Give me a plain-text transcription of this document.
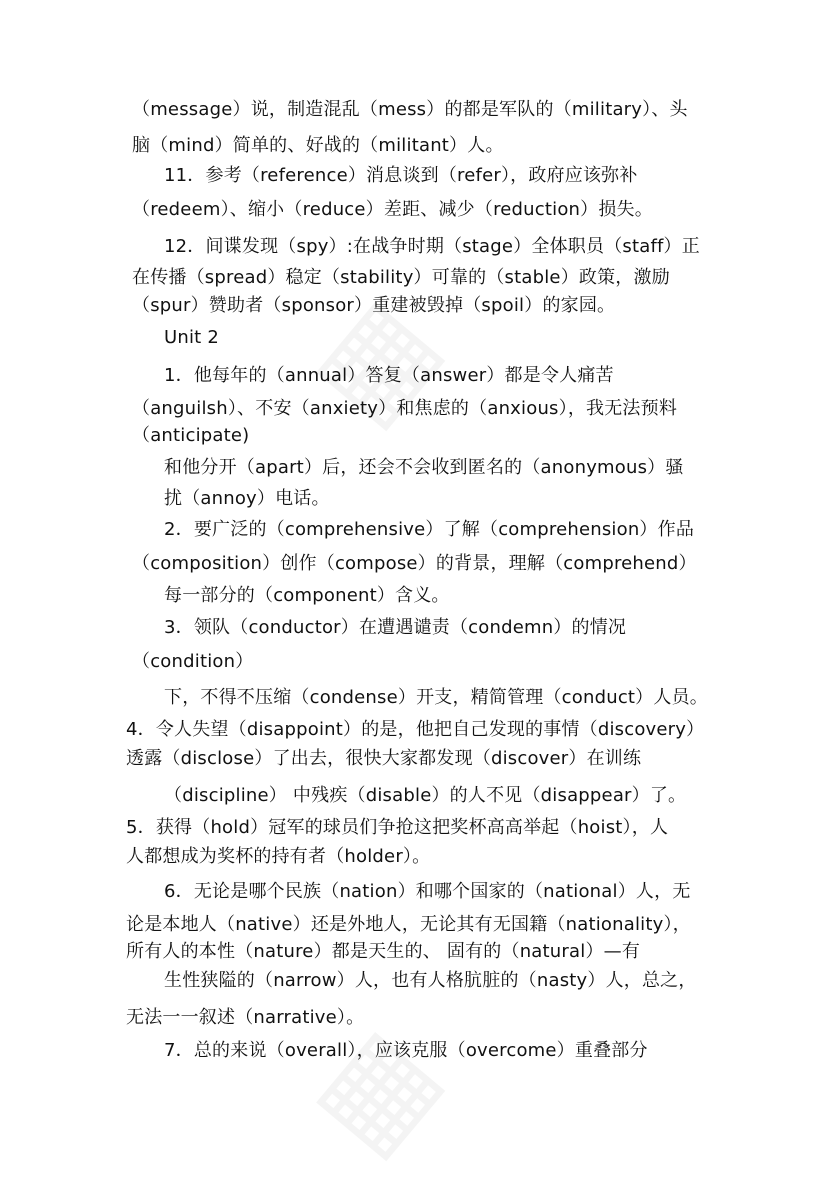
（message）说，制造混乱（mess）的都是军队的（military）、头
脑（mind）简单的、好战的（militant）人。
11．参考（reference）消息谈到（refer），政府应该弥补
（redeem）、缩小（reduce）差距、减少（reduction）损失。
12．间谍发现（spy）:在战争时期（stage）全体职员（staff）正
在传播（spread）稳定（stability）可靠的（stable）政策，激励
（spur）赞助者（sponsor）重建被毁掉（spoil）的家园。
Unit 2
1．他每年的（annual）答复（answer）都是令人痛苦
（anguilsh）、不安（anxiety）和焦虑的（anxious），我无法预料
（anticipate)
和他分开（apart）后，还会不会收到匿名的（anonymous）骚
扰（annoy）电话。
2．要广泛的（comprehensive）了解（comprehension）作品
（composition）创作（compose）的背景，理解（comprehend）
每一部分的（component）含义。
3．领队（conductor）在遭遇谴责（condemn）的情况
（condition）
下，不得不压缩（condense）开支，精简管理（conduct）人员。
4．令人失望（disappoint）的是，他把自己发现的事情（discovery）
透露（disclose）了出去，很快大家都发现（discover）在训练
（discipline） 中残疾（disable）的人不见（disappear）了。
5．获得（hold）冠军的球员们争抢这把奖杯高高举起（hoist），人
人都想成为奖杯的持有者（holder）。
6．无论是哪个民族（nation）和哪个国家的（national）人，无
论是本地人（native）还是外地人，无论其有无国籍（nationality），
所有人的本性（nature）都是天生的、 固有的（natural）—有
生性狭隘的（narrow）人，也有人格肮脏的（nasty）人，总之，
无法一一叙述（narrative）。
7．总的来说（overall），应该克服（overcome）重叠部分
